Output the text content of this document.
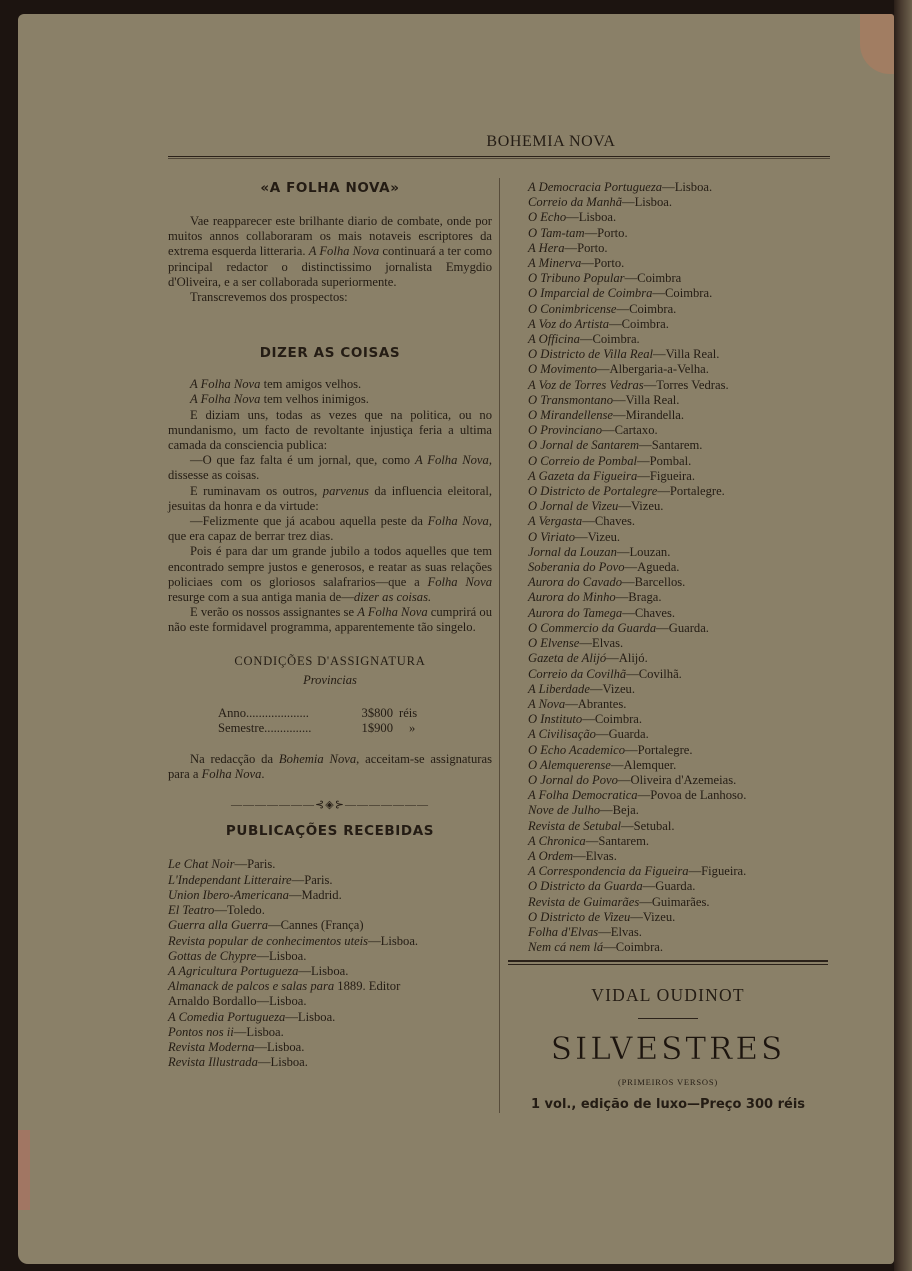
BOHEMIA NOVA
«A FOLHA NOVA»

Vae reapparecer este brilhante diario de combate, onde por muitos annos collaboraram os mais notaveis escriptores da extrema esquerda litteraria. A Folha Nova continuará a ter como principal redactor o distinctissimo jornalista Emygdio d'Oliveira, e a ser collaborada superiormente.

Transcrevemos dos prospectos:

DIZER AS COISAS

A Folha Nova tem amigos velhos.

A Folha Nova tem velhos inimigos.

E diziam uns, todas as vezes que na politica, ou no mundanismo, um facto de revoltante injustiça feria a ultima camada da consciencia publica:

—O que faz falta é um jornal, que, como A Folha Nova, dissesse as coisas.

E ruminavam os outros, parvenus da influencia eleitoral, jesuitas da honra e da virtude:

—Felizmente que já acabou aquella peste da Folha Nova, que era capaz de berrar trez dias.

Pois é para dar um grande jubilo a todos aquelles que tem encontrado sempre justos e generosos, e reatar as suas relações policiaes com os gloriosos salafrarios—que a Folha Nova resurge com a sua antiga mania de—dizer as coisas.

E verão os nossos assignantes se A Folha Nova cumprirá ou não este formidavel programma, apparentemente tão singelo.

CONDIÇÕES D'ASSIGNATURA
Provincias
Anno....................	3$800 réis
Semestre...............	1$900	»

Na redacção da Bohemia Nova, acceitam-se assignaturas para a Folha Nova.

———————⊰◈⊱———————
PUBLICAÇÕES RECEBIDAS
Le Chat Noir—Paris.
L'Independant Litteraire—Paris.
Union Ibero-Americana—Madrid.
El Teatro—Toledo.
Guerra alla Guerra—Cannes (França)
Revista popular de conhecimentos uteis—Lisboa.
Gottas de Chypre—Lisboa.
A Agricultura Portugueza—Lisboa.
Almanack de palcos e salas para 1889. Editor
Arnaldo Bordallo—Lisboa.
A Comedia Portugueza—Lisboa.
Pontos nos ii—Lisboa.
Revista Moderna—Lisboa.
Revista Illustrada—Lisboa.
A Democracia Portugueza—Lisboa.
Correio da Manhã—Lisboa.
O Echo—Lisboa.
O Tam-tam—Porto.
A Hera—Porto.
A Minerva—Porto.
O Tribuno Popular—Coimbra
O Imparcial de Coimbra—Coimbra.
O Conimbricense—Coimbra.
A Voz do Artista—Coimbra.
A Officina—Coimbra.
O Districto de Villa Real—Villa Real.
O Movimento—Albergaria-a-Velha.
A Voz de Torres Vedras—Torres Vedras.
O Transmontano—Villa Real.
O Mirandellense—Mirandella.
O Provinciano—Cartaxo.
O Jornal de Santarem—Santarem.
O Correio de Pombal—Pombal.
A Gazeta da Figueira—Figueira.
O Districto de Portalegre—Portalegre.
O Jornal de Vizeu—Vizeu.
A Vergasta—Chaves.
O Viriato—Vizeu.
Jornal da Louzan—Louzan.
Soberania do Povo—Agueda.
Aurora do Cavado—Barcellos.
Aurora do Minho—Braga.
Aurora do Tamega—Chaves.
O Commercio da Guarda—Guarda.
O Elvense—Elvas.
Gazeta de Alijó—Alijó.
Correio da Covilhã—Covilhã.
A Liberdade—Vizeu.
A Nova—Abrantes.
O Instituto—Coimbra.
A Civilisação—Guarda.
O Echo Academico—Portalegre.
O Alemquerense—Alemquer.
O Jornal do Povo—Oliveira d'Azemeias.
A Folha Democratica—Povoa de Lanhoso.
Nove de Julho—Beja.
Revista de Setubal—Setubal.
A Chronica—Santarem.
A Ordem—Elvas.
A Correspondencia da Figueira—Figueira.
O Districto da Guarda—Guarda.
Revista de Guimarães—Guimarães.
O Districto de Vizeu—Vizeu.
Folha d'Elvas—Elvas.
Nem cá nem lá—Coimbra.
VIDAL OUDINOT
SILVESTRES
(PRIMEIROS VERSOS)
1 vol., edição de luxo—Preço 300 réis
